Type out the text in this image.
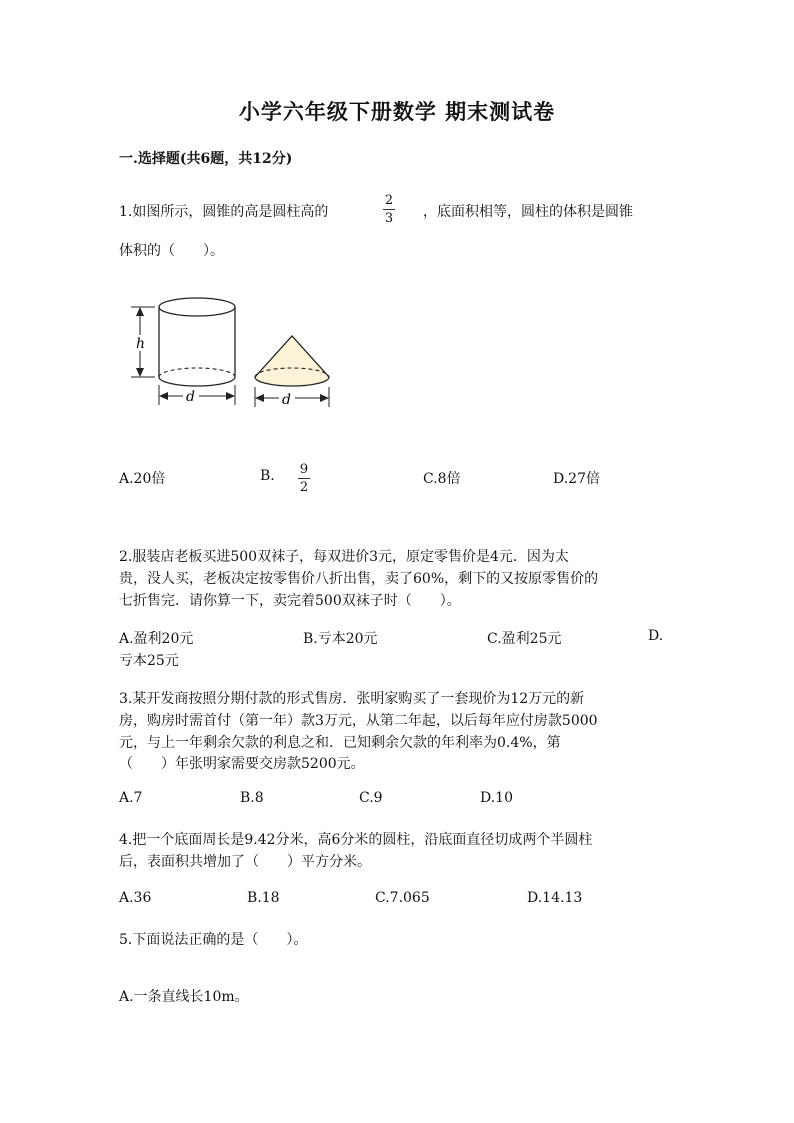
小学六年级下册数学 期末测试卷
一.选择题(共6题，共12分)
1.如图所示，圆锥的高是圆柱高的
2
3 ，底面积相等，圆柱的体积是圆锥
体积的（　　）。
h
d	d
A.20倍	B. 9
2
C.8倍	D.27倍
2.服装店老板买进500双袜子，每双进价3元，原定零售价是4元．因为太
贵，没人买，老板决定按零售价八折出售，卖了60%，剩下的又按原零售价的
七折售完．请你算一下，卖完着500双袜子时（　　）。
A.盈利20元	B.亏本20元	C.盈利25元	D.
亏本25元
3.某开发商按照分期付款的形式售房．张明家购买了一套现价为12万元的新
房，购房时需首付（第一年）款3万元，从第二年起，以后每年应付房款5000
元，与上一年剩余欠款的利息之和．已知剩余欠款的年利率为0.4%，第
（　　）年张明家需要交房款5200元。
A.7	B.8	C.9	D.10
4.把一个底面周长是9.42分米，高6分米的圆柱，沿底面直径切成两个半圆柱
后，表面积共增加了（　　）平方分米。
A.36	B.18	C.7.065	D.14.13
5.下面说法正确的是（　　）。
A.一条直线长10m。
